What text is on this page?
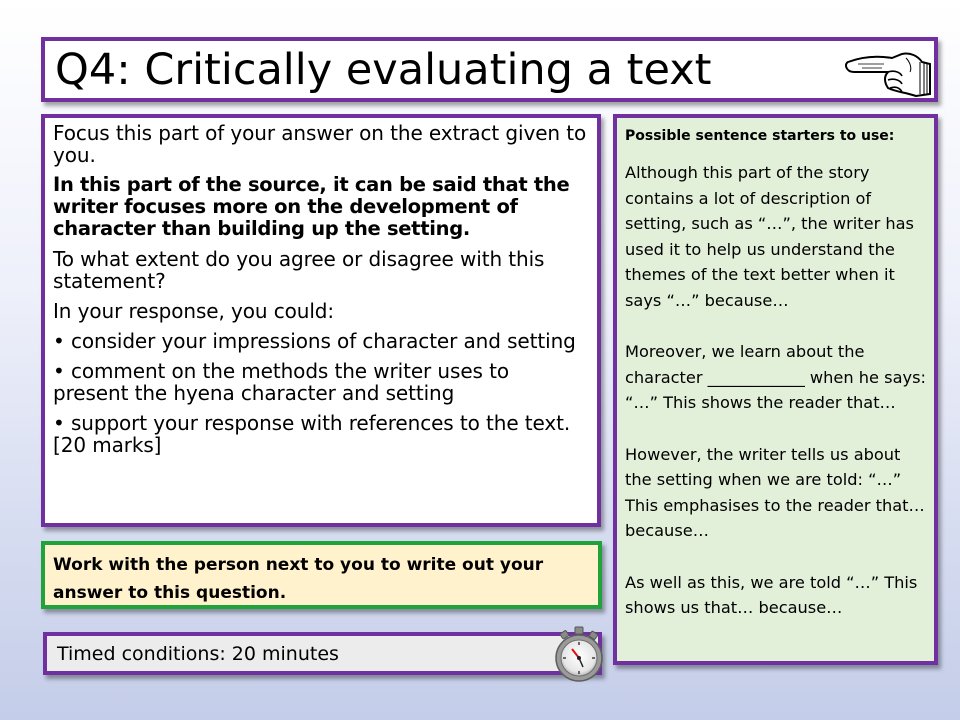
Q4: Critically evaluating a text

Focus this part of your answer on the extract given to you.

In this part of the source, it can be said that the writer focuses more on the development of character than building up the setting.

To what extent do you agree or disagree with this statement?

In your response, you could:

• consider your impressions of character and setting

• comment on the methods the writer uses to present the hyena character and setting

• support your response with references to the text.[20 marks]

Possible sentence starters to use:

Although this part of the story contains a lot of description of setting, such as “…”, the writer has used it to help us understand the themes of the text better when it says “…” because…

Moreover, we learn about the character ____________ when he says: “…” This shows the reader that…

However, the writer tells us about the setting when we are told: “…” This emphasises to the reader that… because…

As well as this, we are told “…” This shows us that… because…

Work with the person next to you to write out your answer to this question.

Timed conditions: 20 minutes
